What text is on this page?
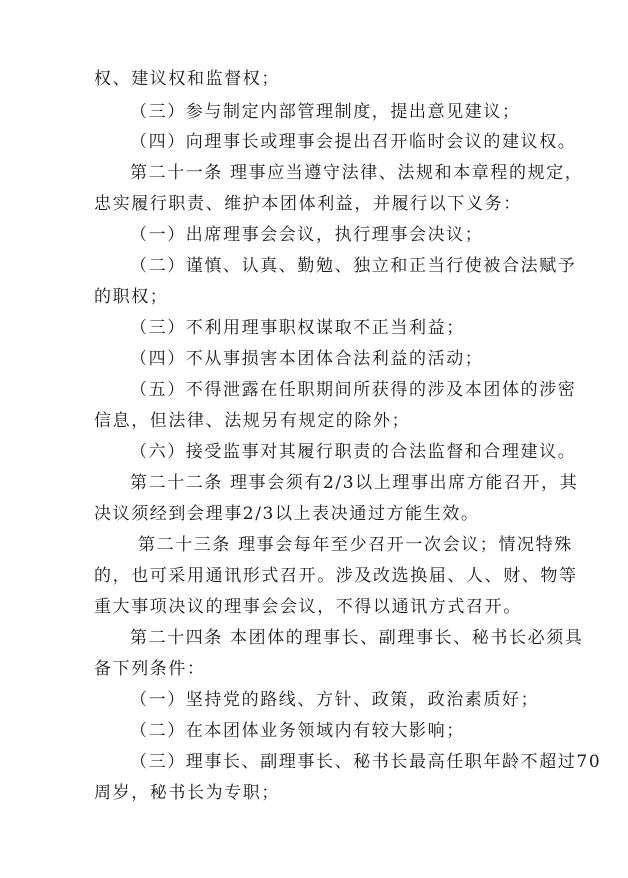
权、建议权和监督权；
（三）参与制定内部管理制度，提出意见建议；
（四）向理事长或理事会提出召开临时会议的建议权。
第二十一条 理事应当遵守法律、法规和本章程的规定，
忠实履行职责、维护本团体利益，并履行以下义务：
（一）出席理事会会议，执行理事会决议；
（二）谨慎、认真、勤勉、独立和正当行使被合法赋予
的职权；
（三）不利用理事职权谋取不正当利益；
（四）不从事损害本团体合法利益的活动；
（五）不得泄露在任职期间所获得的涉及本团体的涉密
信息，但法律、法规另有规定的除外；
（六）接受监事对其履行职责的合法监督和合理建议。
第二十二条 理事会须有2/3以上理事出席方能召开，其
决议须经到会理事2/3以上表决通过方能生效。
第二十三条 理事会每年至少召开一次会议；情况特殊
的，也可采用通讯形式召开。涉及改选换届、人、财、物等
重大事项决议的理事会会议，不得以通讯方式召开。
第二十四条 本团体的理事长、副理事长、秘书长必须具
备下列条件：
（一）坚持党的路线、方针、政策，政治素质好；
（二）在本团体业务领域内有较大影响；
（三）理事长、副理事长、秘书长最高任职年龄不超过70
周岁，秘书长为专职；
